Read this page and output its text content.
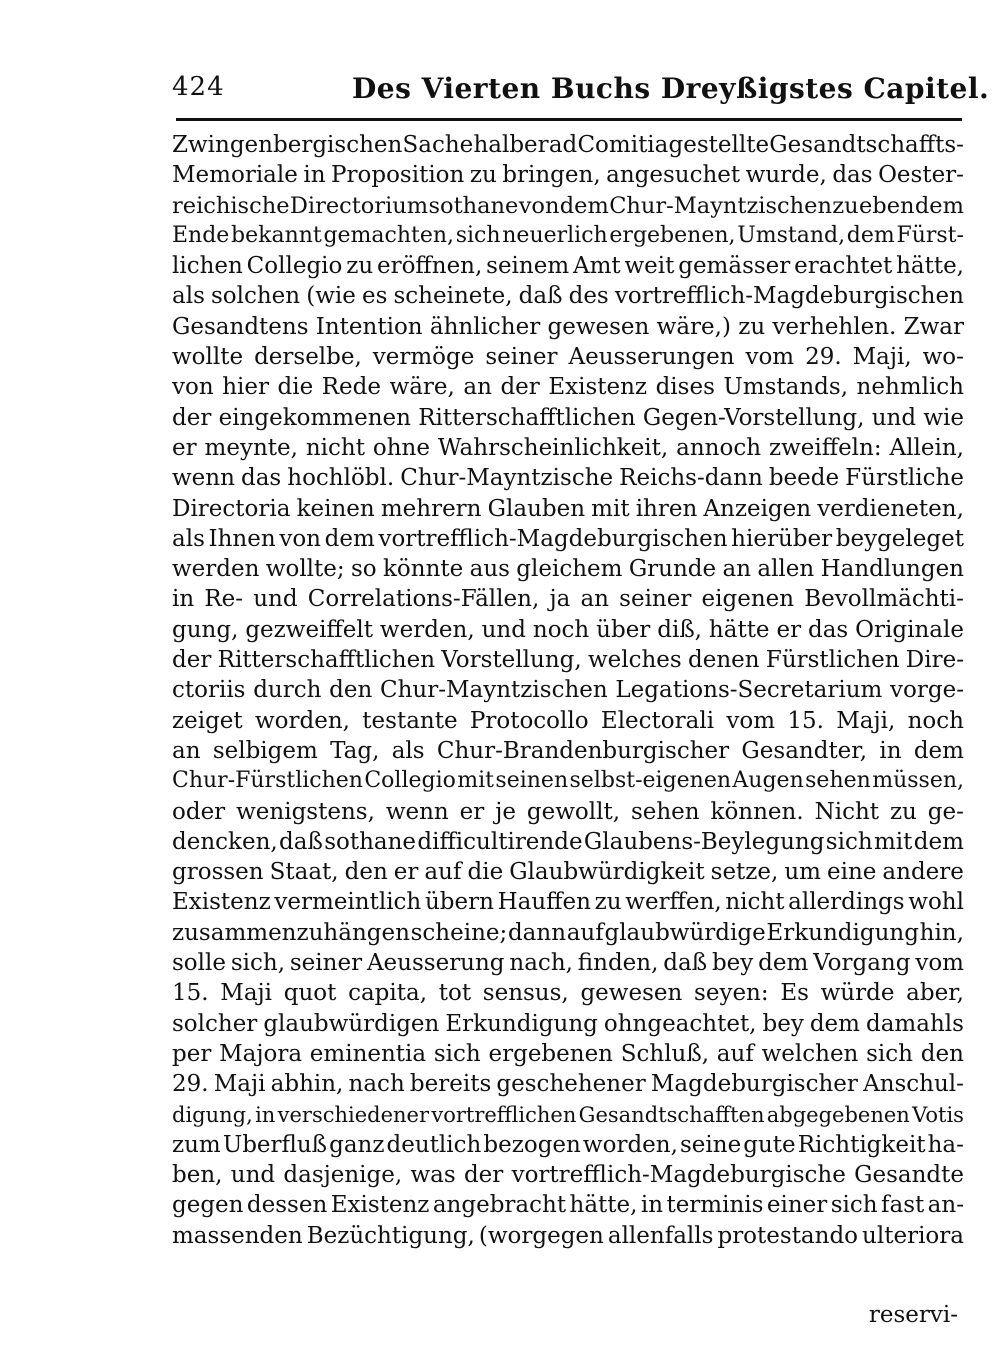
424	Des Vierten Buchs Dreyßigstes Capitel.
Zwingenbergischen Sache halber ad Comitia gestellte Gesandtschaffts-
Memoriale in Proposition zu bringen, angesuchet wurde, das Oester-
reichische Directorium sothane von dem Chur-Mayntzischen zu eben dem
Ende bekannt gemachten, sich neuerlich ergebenen, Umstand, dem Fürst-
lichen Collegio zu eröffnen, seinem Amt weit gemässer erachtet hätte,
als solchen (wie es scheinete, daß des vortrefflich-Magdeburgischen
Gesandtens Intention ähnlicher gewesen wäre,) zu verhehlen. Zwar
wollte derselbe, vermöge seiner Aeusserungen vom 29. Maji, wo-
von hier die Rede wäre, an der Existenz dises Umstands, nehmlich
der eingekommenen Ritterschafftlichen Gegen-Vorstellung, und wie
er meynte, nicht ohne Wahrscheinlichkeit, annoch zweiffeln: Allein,
wenn das hochlöbl. Chur-Mayntzische Reichs-dann beede Fürstliche
Directoria keinen mehrern Glauben mit ihren Anzeigen verdieneten,
als Ihnen von dem vortrefflich-Magdeburgischen hierüber beygeleget
werden wollte; so könnte aus gleichem Grunde an allen Handlungen
in Re- und Correlations-Fällen, ja an seiner eigenen Bevollmächti-
gung, gezweiffelt werden, und noch über diß, hätte er das Originale
der Ritterschafftlichen Vorstellung, welches denen Fürstlichen Dire-
ctoriis durch den Chur-Mayntzischen Legations-Secretarium vorge-
zeiget worden, testante Protocollo Electorali vom 15. Maji, noch
an selbigem Tag, als Chur-Brandenburgischer Gesandter, in dem
Chur-Fürstlichen Collegio mit seinen selbst-eigenen Augen sehen müssen,
oder wenigstens, wenn er je gewollt, sehen können. Nicht zu ge-
dencken, daß sothane difficultirende Glaubens-Beylegung sich mit dem
grossen Staat, den er auf die Glaubwürdigkeit setze, um eine andere
Existenz vermeintlich übern Hauffen zu werffen, nicht allerdings wohl
zusammenzuhängen scheine; dann auf glaubwürdige Erkundigung hin,
solle sich, seiner Aeusserung nach, finden, daß bey dem Vorgang vom
15. Maji quot capita, tot sensus, gewesen seyen: Es würde aber,
solcher glaubwürdigen Erkundigung ohngeachtet, bey dem damahls
per Majora eminentia sich ergebenen Schluß, auf welchen sich den
29. Maji abhin, nach bereits geschehener Magdeburgischer Anschul-
digung, in verschiedener vortrefflichen Gesandtschafften abgegebenen Votis
zum Uberfluß ganz deutlich bezogen worden, seine gute Richtigkeit ha-
ben, und dasjenige, was der vortrefflich-Magdeburgische Gesandte
gegen dessen Existenz angebracht hätte, in terminis einer sich fast an-
massenden Bezüchtigung, (worgegen allenfalls protestando ulteriora
reservi-
